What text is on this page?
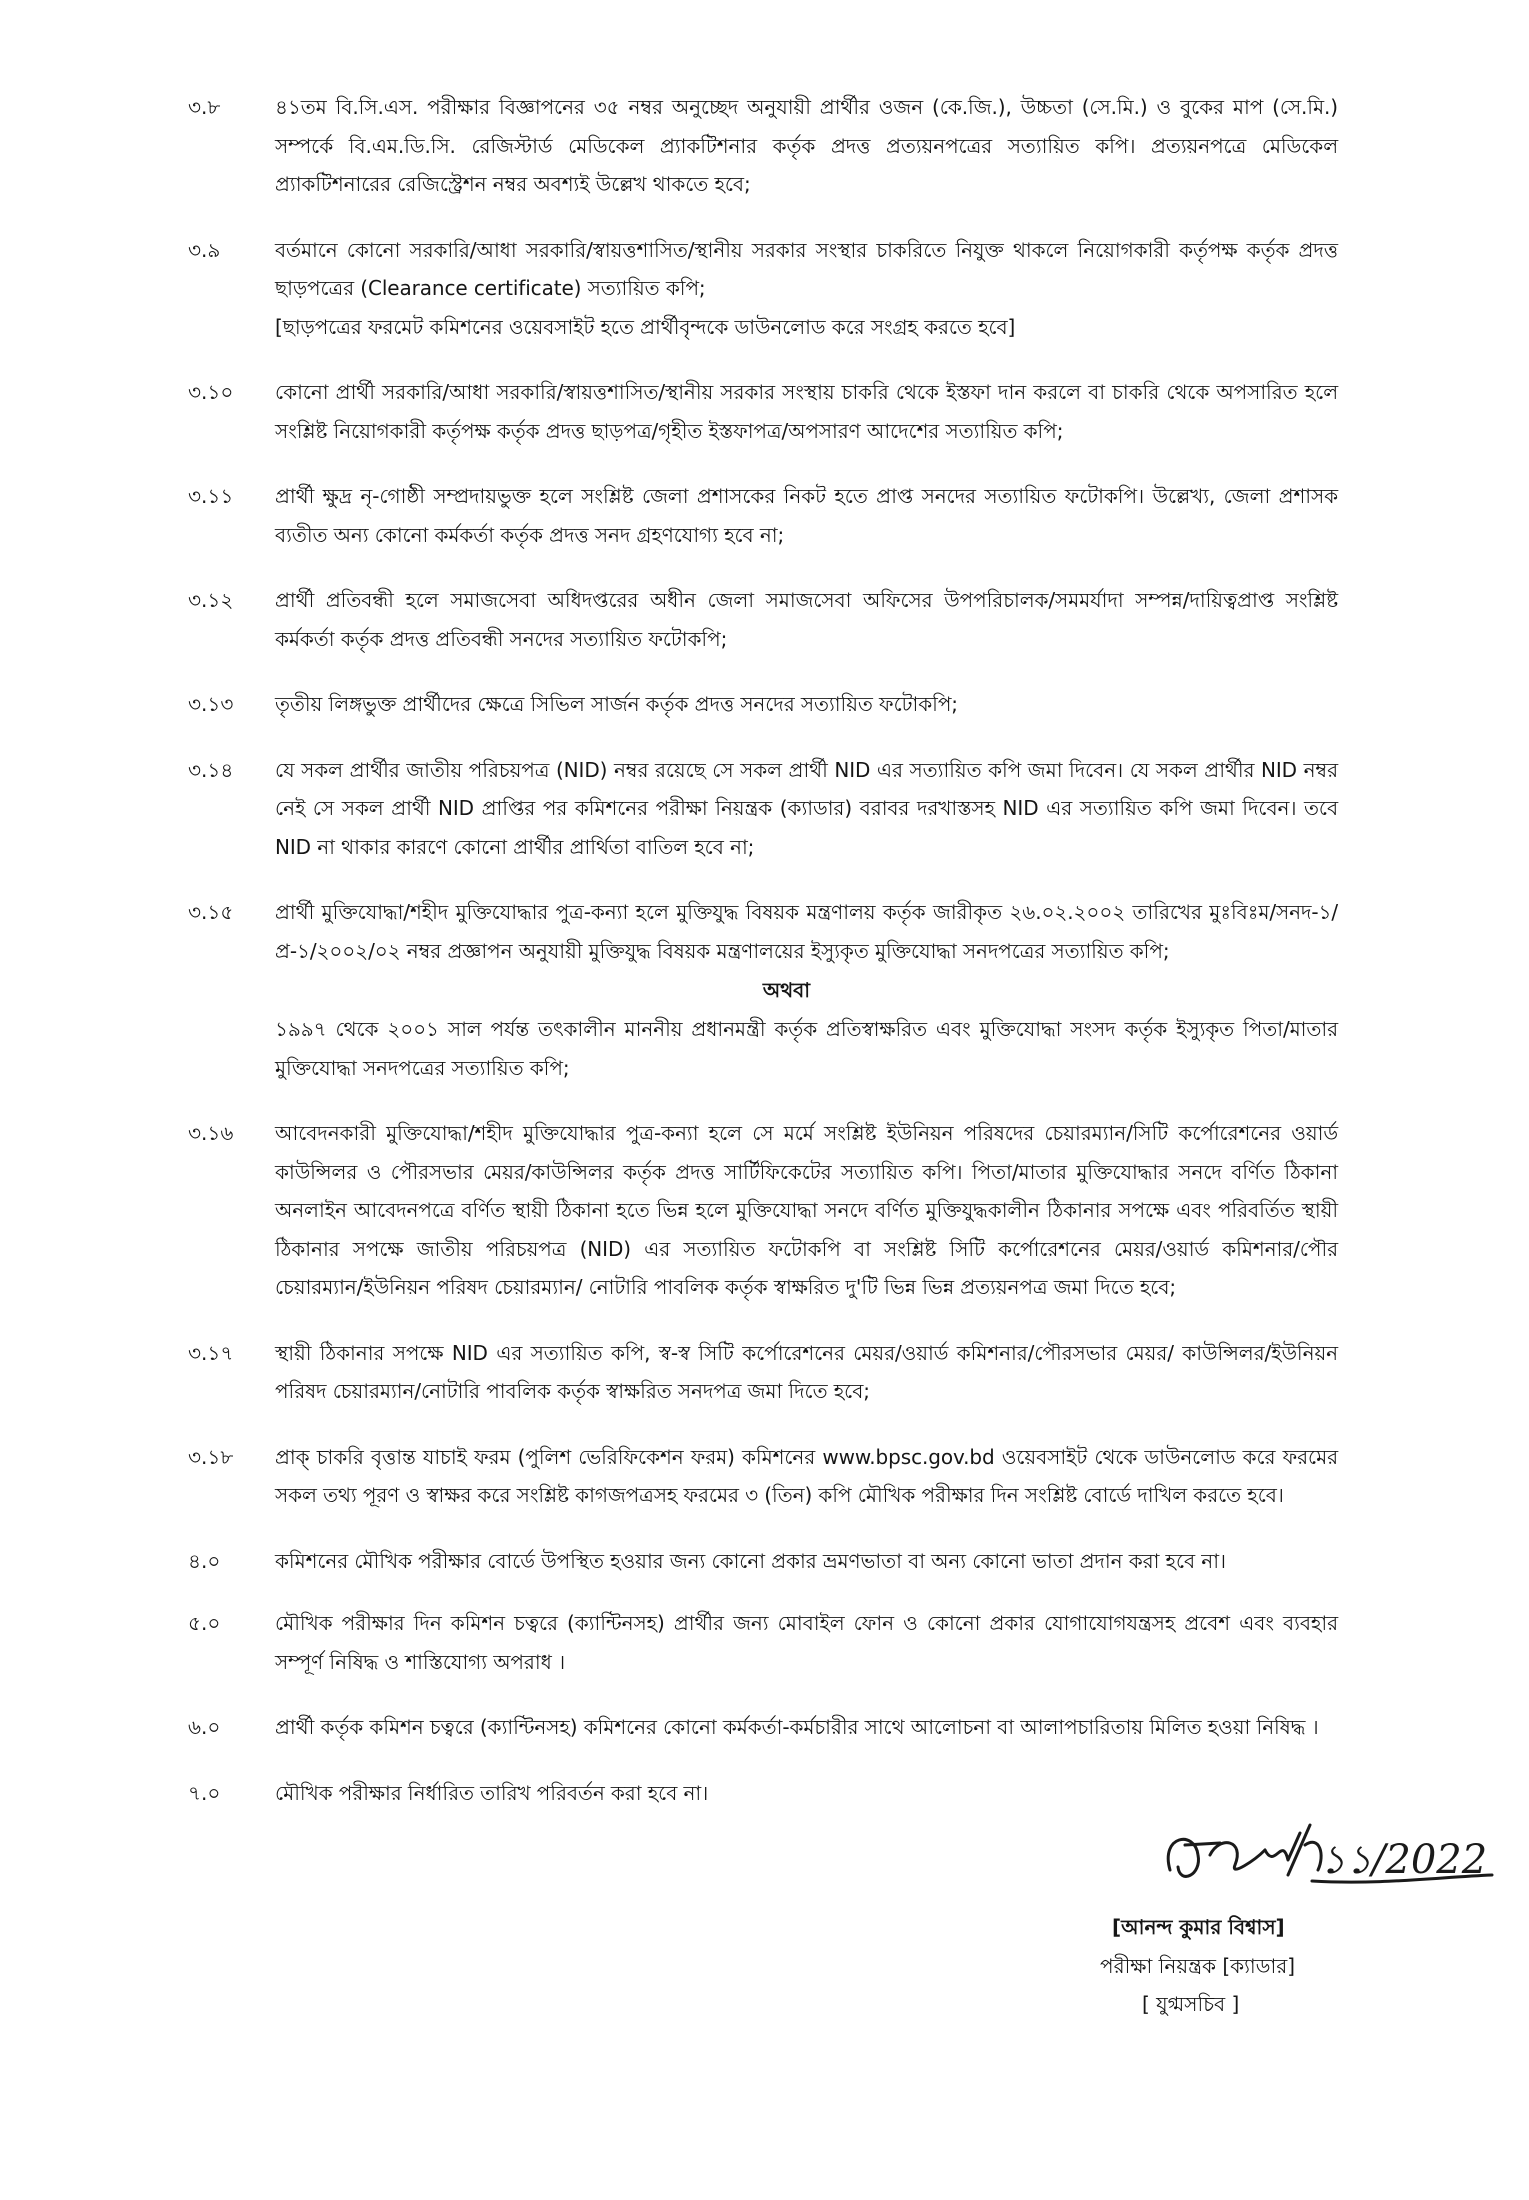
৩.৮	৪১তম বি.সি.এস. পরীক্ষার বিজ্ঞাপনের ৩৫ নম্বর অনুচ্ছেদ অনুযায়ী প্রার্থীর ওজন (কে.জি.), উচ্চতা (সে.মি.) ও বুকের মাপ (সে.মি.) সম্পর্কে বি.এম.ডি.সি. রেজিস্টার্ড মেডিকেল প্র্যাকটিশনার কর্তৃক প্রদত্ত প্রত্যয়নপত্রের সত্যায়িত কপি। প্রত্যয়নপত্রে মেডিকেল প্র্যাকটিশনারের রেজিস্ট্রেশন নম্বর অবশ্যই উল্লেখ থাকতে হবে;

৩.৯	বর্তমানে কোনো সরকারি/আধা সরকারি/স্বায়ত্তশাসিত/স্থানীয় সরকার সংস্থার চাকরিতে নিযুক্ত থাকলে নিয়োগকারী কর্তৃপক্ষ কর্তৃক প্রদত্ত ছাড়পত্রের (Clearance certificate) সত্যায়িত কপি;

[ছাড়পত্রের ফরমেট কমিশনের ওয়েবসাইট হতে প্রার্থীবৃন্দকে ডাউনলোড করে সংগ্রহ করতে হবে]

৩.১০	কোনো প্রার্থী সরকারি/আধা সরকারি/স্বায়ত্তশাসিত/স্থানীয় সরকার সংস্থায় চাকরি থেকে ইস্তফা দান করলে বা চাকরি থেকে অপসারিত হলে সংশ্লিষ্ট নিয়োগকারী কর্তৃপক্ষ কর্তৃক প্রদত্ত ছাড়পত্র/গৃহীত ইস্তফাপত্র/অপসারণ আদেশের সত্যায়িত কপি;

৩.১১	প্রার্থী ক্ষুদ্র নৃ-গোষ্ঠী সম্প্রদায়ভুক্ত হলে সংশ্লিষ্ট জেলা প্রশাসকের নিকট হতে প্রাপ্ত সনদের সত্যায়িত ফটোকপি। উল্লেখ্য, জেলা প্রশাসক ব্যতীত অন্য কোনো কর্মকর্তা কর্তৃক প্রদত্ত সনদ গ্রহণযোগ্য হবে না;

৩.১২	প্রার্থী প্রতিবন্ধী হলে সমাজসেবা অধিদপ্তরের অধীন জেলা সমাজসেবা অফিসের উপপরিচালক/সমমর্যাদা সম্পন্ন/দায়িত্বপ্রাপ্ত সংশ্লিষ্ট কর্মকর্তা কর্তৃক প্রদত্ত প্রতিবন্ধী সনদের সত্যায়িত ফটোকপি;

৩.১৩	তৃতীয় লিঙ্গভুক্ত প্রার্থীদের ক্ষেত্রে সিভিল সার্জন কর্তৃক প্রদত্ত সনদের সত্যায়িত ফটোকপি;

৩.১৪	যে সকল প্রার্থীর জাতীয় পরিচয়পত্র (NID) নম্বর রয়েছে সে সকল প্রার্থী NID এর সত্যায়িত কপি জমা দিবেন। যে সকল প্রার্থীর NID নম্বর নেই সে সকল প্রার্থী NID প্রাপ্তির পর কমিশনের পরীক্ষা নিয়ন্ত্রক (ক্যাডার) বরাবর দরখাস্তসহ NID এর সত্যায়িত কপি জমা দিবেন। তবে NID না থাকার কারণে কোনো প্রার্থীর প্রার্থিতা বাতিল হবে না;

৩.১৫	প্রার্থী মুক্তিযোদ্ধা/শহীদ মুক্তিযোদ্ধার পুত্র-কন্যা হলে মুক্তিযুদ্ধ বিষয়ক মন্ত্রণালয় কর্তৃক জারীকৃত ২৬.০২.২০০২ তারিখের মুঃবিঃম/সনদ-১/প্র-১/২০০২/০২ নম্বর প্রজ্ঞাপন অনুযায়ী মুক্তিযুদ্ধ বিষয়ক মন্ত্রণালয়ের ইস্যুকৃত মুক্তিযোদ্ধা সনদপত্রের সত্যায়িত কপি;

অথবা

১৯৯৭ থেকে ২০০১ সাল পর্যন্ত তৎকালীন মাননীয় প্রধানমন্ত্রী কর্তৃক প্রতিস্বাক্ষরিত এবং মুক্তিযোদ্ধা সংসদ কর্তৃক ইস্যুকৃত পিতা/মাতার মুক্তিযোদ্ধা সনদপত্রের সত্যায়িত কপি;

৩.১৬	আবেদনকারী মুক্তিযোদ্ধা/শহীদ মুক্তিযোদ্ধার পুত্র-কন্যা হলে সে মর্মে সংশ্লিষ্ট ইউনিয়ন পরিষদের চেয়ারম্যান/সিটি কর্পোরেশনের ওয়ার্ড কাউন্সিলর ও পৌরসভার মেয়র/কাউন্সিলর কর্তৃক প্রদত্ত সার্টিফিকেটের সত্যায়িত কপি। পিতা/মাতার মুক্তিযোদ্ধার সনদে বর্ণিত ঠিকানা অনলাইন আবেদনপত্রে বর্ণিত স্থায়ী ঠিকানা হতে ভিন্ন হলে মুক্তিযোদ্ধা সনদে বর্ণিত মুক্তিযুদ্ধকালীন ঠিকানার সপক্ষে এবং পরিবর্তিত স্থায়ী ঠিকানার সপক্ষে জাতীয় পরিচয়পত্র (NID) এর সত্যায়িত ফটোকপি বা সংশ্লিষ্ট সিটি কর্পোরেশনের মেয়র/ওয়ার্ড কমিশনার/পৌর চেয়ারম্যান/ইউনিয়ন পরিষদ চেয়ারম্যান/ নোটারি পাবলিক কর্তৃক স্বাক্ষরিত দু'টি ভিন্ন ভিন্ন প্রত্যয়নপত্র জমা দিতে হবে;

৩.১৭	স্থায়ী ঠিকানার সপক্ষে NID এর সত্যায়িত কপি, স্ব-স্ব সিটি কর্পোরেশনের মেয়র/ওয়ার্ড কমিশনার/পৌরসভার মেয়র/ কাউন্সিলর/ইউনিয়ন পরিষদ চেয়ারম্যান/নোটারি পাবলিক কর্তৃক স্বাক্ষরিত সনদপত্র জমা দিতে হবে;

৩.১৮	প্রাক্‌ চাকরি বৃত্তান্ত যাচাই ফরম (পুলিশ ভেরিফিকেশন ফরম) কমিশনের www.bpsc.gov.bd ওয়েবসাইট থেকে ডাউনলোড করে ফরমের সকল তথ্য পূরণ ও স্বাক্ষর করে সংশ্লিষ্ট কাগজপত্রসহ ফরমের ৩ (তিন) কপি মৌখিক পরীক্ষার দিন সংশ্লিষ্ট বোর্ডে দাখিল করতে হবে।

৪.০	কমিশনের মৌখিক পরীক্ষার বোর্ডে উপস্থিত হওয়ার জন্য কোনো প্রকার ভ্রমণভাতা বা অন্য কোনো ভাতা প্রদান করা হবে না।

৫.০	মৌখিক পরীক্ষার দিন কমিশন চত্বরে (ক্যান্টিনসহ) প্রার্থীর জন্য মোবাইল ফোন ও কোনো প্রকার যোগাযোগযন্ত্রসহ প্রবেশ এবং ব্যবহার সম্পূর্ণ নিষিদ্ধ ও শাস্তিযোগ্য অপরাধ ।

৬.০	প্রার্থী কর্তৃক কমিশন চত্বরে (ক্যান্টিনসহ) কমিশনের কোনো কর্মকর্তা-কর্মচারীর সাথে আলোচনা বা আলাপচারিতায় মিলিত হওয়া নিষিদ্ধ ।

৭.০	মৌখিক পরীক্ষার নির্ধারিত তারিখ পরিবর্তন করা হবে না।

১১/2022
[আনন্দ কুমার বিশ্বাস]
পরীক্ষা নিয়ন্ত্রক [ক্যাডার]
[ যুগ্মসচিব ]
